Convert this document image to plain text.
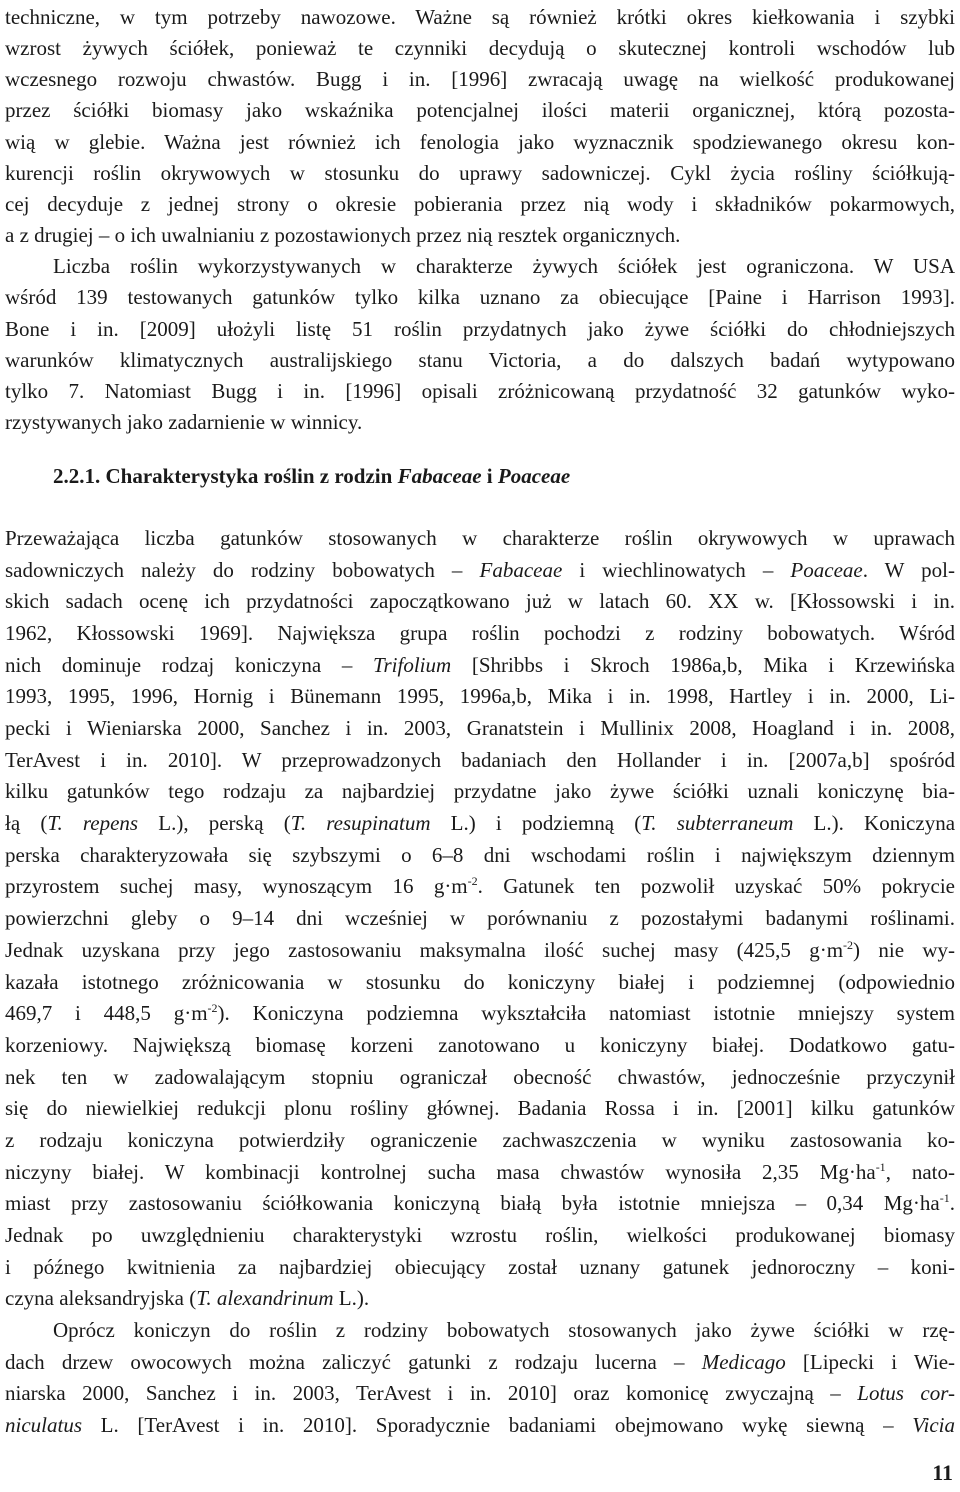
techniczne, w tym potrzeby nawozowe. Ważne są również krótki okres kiełkowania i szybki
wzrost żywych ściółek, ponieważ te czynniki decydują o skutecznej kontroli wschodów lub
wczesnego rozwoju chwastów. Bugg i in. [1996] zwracają uwagę na wielkość produkowanej
przez ściółki biomasy jako wskaźnika potencjalnej ilości materii organicznej, którą pozosta-
wią w glebie. Ważna jest również ich fenologia jako wyznacznik spodziewanego okresu kon-
kurencji roślin okrywowych w stosunku do uprawy sadowniczej. Cykl życia rośliny ściółkują-
cej decyduje z jednej strony o okresie pobierania przez nią wody i składników pokarmowych,
a z drugiej – o ich uwalnianiu z pozostawionych przez nią resztek organicznych.
Liczba roślin wykorzystywanych w charakterze żywych ściółek jest ograniczona. W USA
wśród 139 testowanych gatunków tylko kilka uznano za obiecujące [Paine i Harrison 1993].
Bone i in. [2009] ułożyli listę 51 roślin przydatnych jako żywe ściółki do chłodniejszych
warunków klimatycznych australijskiego stanu Victoria, a do dalszych badań wytypowano
tylko 7. Natomiast Bugg i in. [1996] opisali zróżnicowaną przydatność 32 gatunków wyko-
rzystywanych jako zadarnienie w winnicy.
Przeważająca liczba gatunków stosowanych w charakterze roślin okrywowych w uprawach
sadowniczych należy do rodziny bobowatych – Fabaceae i wiechlinowatych – Poaceae. W pol-
skich sadach ocenę ich przydatności zapoczątkowano już w latach 60. XX w. [Kłossowski i in.
1962, Kłossowski 1969]. Największa grupa roślin pochodzi z rodziny bobowatych. Wśród
nich dominuje rodzaj koniczyna – Trifolium [Shribbs i Skroch 1986a,b, Mika i Krzewińska
1993, 1995, 1996, Hornig i Bünemann 1995, 1996a,b, Mika i in. 1998, Hartley i in. 2000, Li-
pecki i Wieniarska 2000, Sanchez i in. 2003, Granatstein i Mullinix 2008, Hoagland i in. 2008,
TerAvest i in. 2010]. W przeprowadzonych badaniach den Hollander i in. [2007a,b] spośród
kilku gatunków tego rodzaju za najbardziej przydatne jako żywe ściółki uznali koniczynę bia-
łą (T. repens L.), perską (T. resupinatum L.) i podziemną (T. subterraneum L.). Koniczyna
perska charakteryzowała się szybszymi o 6–8 dni wschodami roślin i największym dziennym
przyrostem suchej masy, wynoszącym 16 $g\cdot m^{-2}$. Gatunek ten pozwolił uzyskać 50% pokrycie
powierzchni gleby o 9–14 dni wcześniej w porównaniu z pozostałymi badanymi roślinami.
Jednak uzyskana przy jego zastosowaniu maksymalna ilość suchej masy (425,5 $g\cdot m^{-2}$) nie wy-
kazała istotnego zróżnicowania w stosunku do koniczyny białej i podziemnej (odpowiednio
469,7 i 448,5 $g\cdot m^{-2}$). Koniczyna podziemna wykształciła natomiast istotnie mniejszy system
korzeniowy. Największą biomasę korzeni zanotowano u koniczyny białej. Dodatkowo gatu-
nek ten w zadowalającym stopniu ograniczał obecność chwastów, jednocześnie przyczynił
się do niewielkiej redukcji plonu rośliny głównej. Badania Rossa i in. [2001] kilku gatunków
z rodzaju koniczyna potwierdziły ograniczenie zachwaszczenia w wyniku zastosowania ko-
niczyny białej. W kombinacji kontrolnej sucha masa chwastów wynosiła 2,35 $Mg\cdot ha^{-1}$, nato-
miast przy zastosowaniu ściółkowania koniczyną białą była istotnie mniejsza – 0,34 $Mg\cdot ha^{-1}$.
Jednak po uwzględnieniu charakterystyki wzrostu roślin, wielkości produkowanej biomasy
i późnego kwitnienia za najbardziej obiecujący został uznany gatunek jednoroczny – koni-
czyna aleksandryjska (T. alexandrinum L.).
Oprócz koniczyn do roślin z rodziny bobowatych stosowanych jako żywe ściółki w rzę-
dach drzew owocowych można zaliczyć gatunki z rodzaju lucerna – Medicago [Lipecki i Wie-
niarska 2000, Sanchez i in. 2003, TerAvest i in. 2010] oraz komonicę zwyczajną – Lotus cor-
niculatus L. [TerAvest i in. 2010]. Sporadycznie badaniami obejmowano wykę siewną – Vicia
2.2.1. Charakterystyka roślin z rodzin Fabaceae i Poaceae
11
